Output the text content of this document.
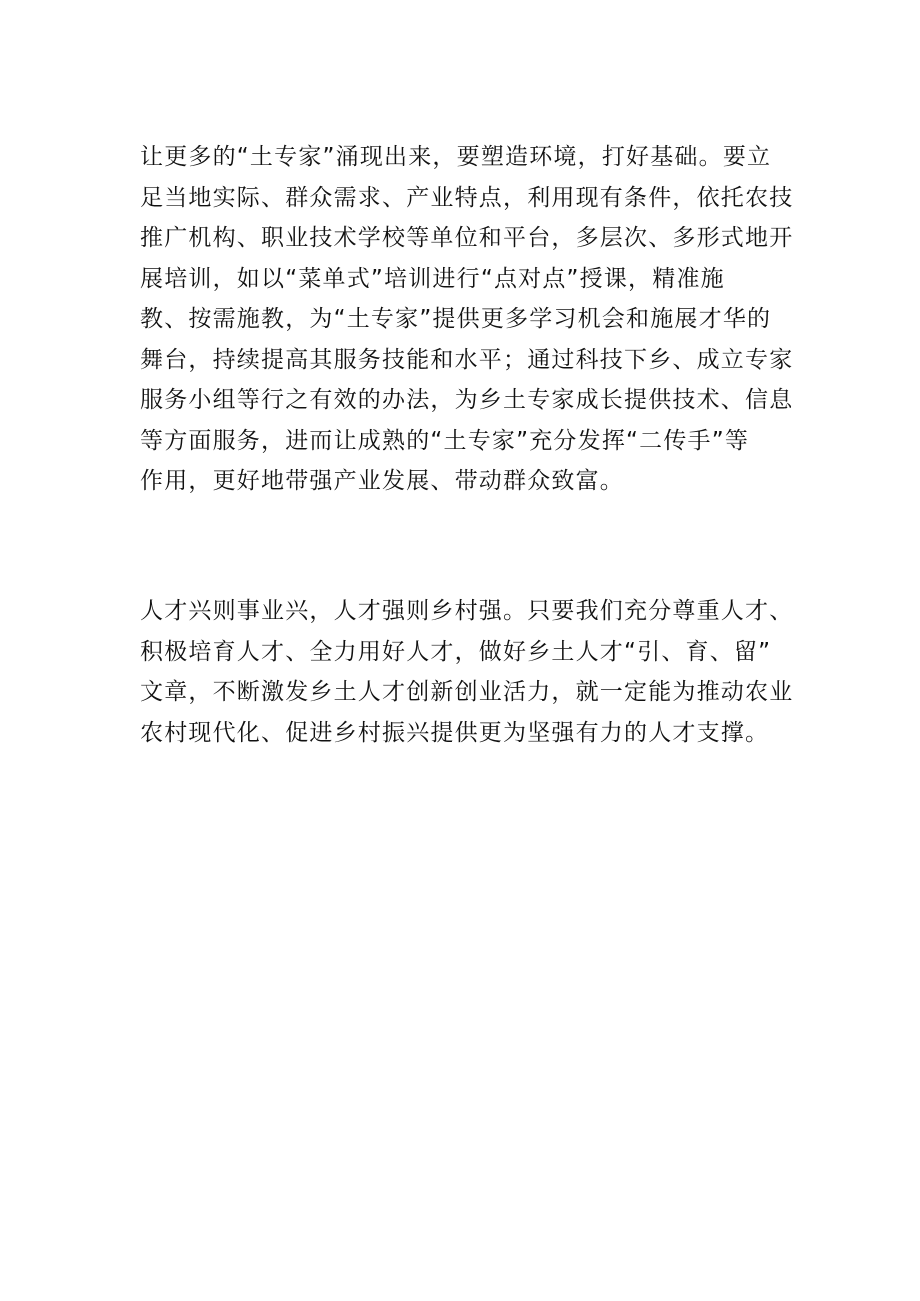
让更多的“土专家”涌现出来，要塑造环境，打好基础。要立
足当地实际、群众需求、产业特点，利用现有条件，依托农技
推广机构、职业技术学校等单位和平台，多层次、多形式地开
展培训，如以“菜单式”培训进行“点对点”授课，精准施
教、按需施教，为“土专家”提供更多学习机会和施展才华的
舞台，持续提高其服务技能和水平；通过科技下乡、成立专家
服务小组等行之有效的办法，为乡土专家成长提供技术、信息
等方面服务，进而让成熟的“土专家”充分发挥“二传手”等
作用，更好地带强产业发展、带动群众致富。
人才兴则事业兴，人才强则乡村强。只要我们充分尊重人才、
积极培育人才、全力用好人才，做好乡土人才“引、育、留”
文章，不断激发乡土人才创新创业活力，就一定能为推动农业
农村现代化、促进乡村振兴提供更为坚强有力的人才支撑。
